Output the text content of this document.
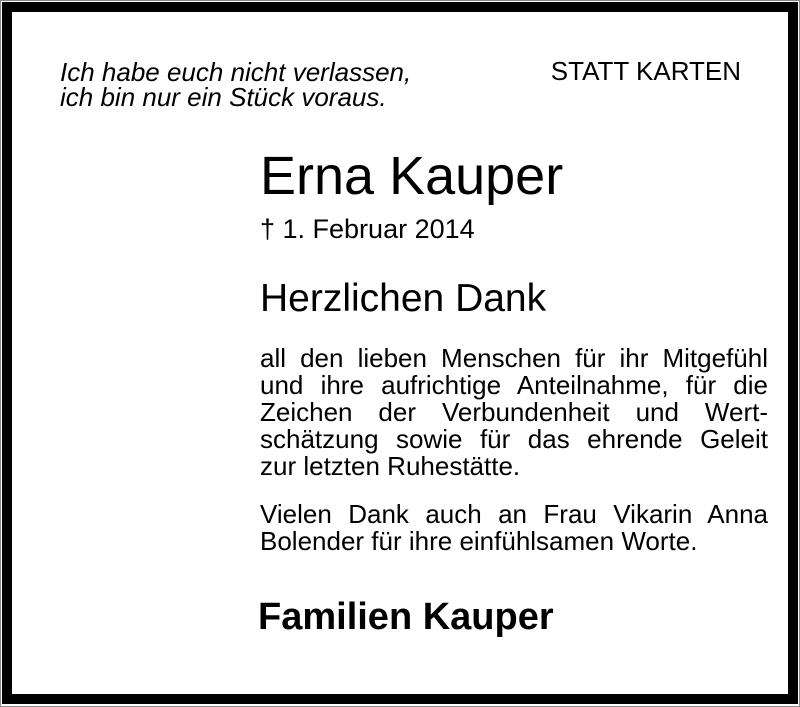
Ich habe euch nicht verlassen,
ich bin nur ein Stück voraus.
STATT KARTEN
Erna Kauper
† 1. Februar 2014
Herzlichen Dank
all den lieben Menschen für ihr Mitgefühl
und ihre aufrichtige Anteilnahme, für die
Zeichen der Verbundenheit und Wert-
schätzung sowie für das ehrende Geleit
zur letzten Ruhestätte.
Vielen Dank auch an Frau Vikarin Anna
Bolender für ihre einfühlsamen Worte.
Familien Kauper
